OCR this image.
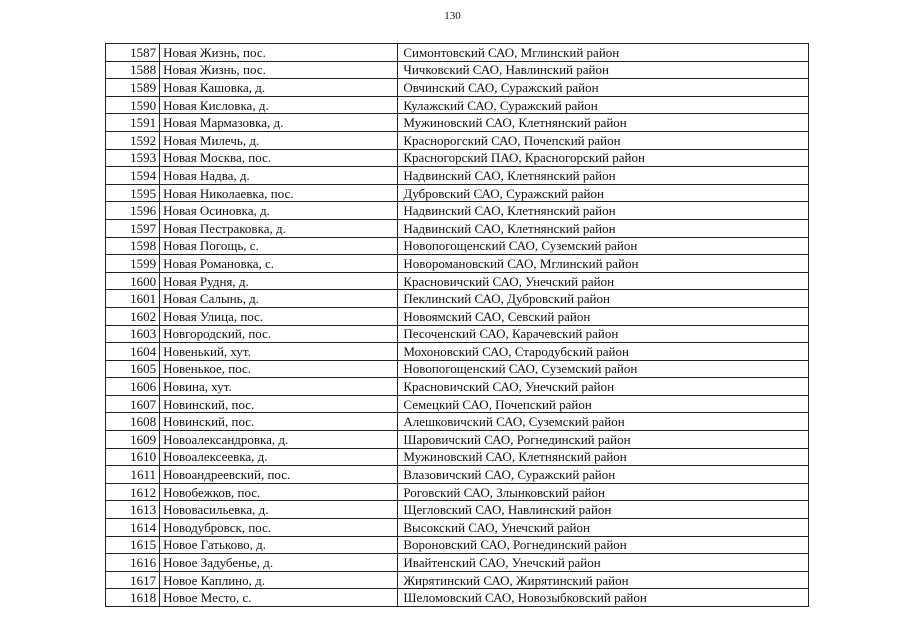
130
1587	Новая Жизнь, пос.	Симонтовский САО, Мглинский район
1588	Новая Жизнь, пос.	Чичковский САО, Навлинский район
1589	Новая Кашовка, д.	Овчинский САО, Суражский район
1590	Новая Кисловка, д.	Кулажский САО, Суражский район
1591	Новая Мармазовка, д.	Мужиновский САО, Клетнянский район
1592	Новая Милечь, д.	Краснорогский САО, Почепский район
1593	Новая Москва, пос.	Красногорский ПАО, Красногорский район
1594	Новая Надва, д.	Надвинский САО, Клетнянский район
1595	Новая Николаевка, пос.	Дубровский САО, Суражский район
1596	Новая Осиновка, д.	Надвинский САО, Клетнянский район
1597	Новая Пестраковка, д.	Надвинский САО, Клетнянский район
1598	Новая Погощь, с.	Новопогощенский САО, Суземский район
1599	Новая Романовка, с.	Новоромановский САО, Мглинский район
1600	Новая Рудня, д.	Красновичский САО, Унечский район
1601	Новая Салынь, д.	Пеклинский САО, Дубровский район
1602	Новая Улица, пос.	Новоямский САО, Севский район
1603	Новгородский, пос.	Песоченский САО, Карачевский район
1604	Новенький, хут.	Мохоновский САО, Стародубский район
1605	Новенькое, пос.	Новопогощенский САО, Суземский район
1606	Новина, хут.	Красновичский САО, Унечский район
1607	Новинский, пос.	Семецкий САО, Почепский район
1608	Новинский, пос.	Алешковичский САО, Суземский район
1609	Новоалександровка, д.	Шаровичский САО, Рогнединский район
1610	Новоалексеевка, д.	Мужиновский САО, Клетнянский район
1611	Новоандреевский, пос.	Влазовичский САО, Суражский район
1612	Новобежков, пос.	Роговский САО, Злынковский район
1613	Нововасильевка, д.	Щегловский САО, Навлинский район
1614	Новодубровск, пос.	Высокский САО, Унечский район
1615	Новое Гатьково, д.	Вороновский САО, Рогнединский район
1616	Новое Задубенье, д.	Ивайтенский САО, Унечский район
1617	Новое Каплино, д.	Жирятинский САО, Жирятинский район
1618	Новое Место, с.	Шеломовский САО, Новозыбковский район
